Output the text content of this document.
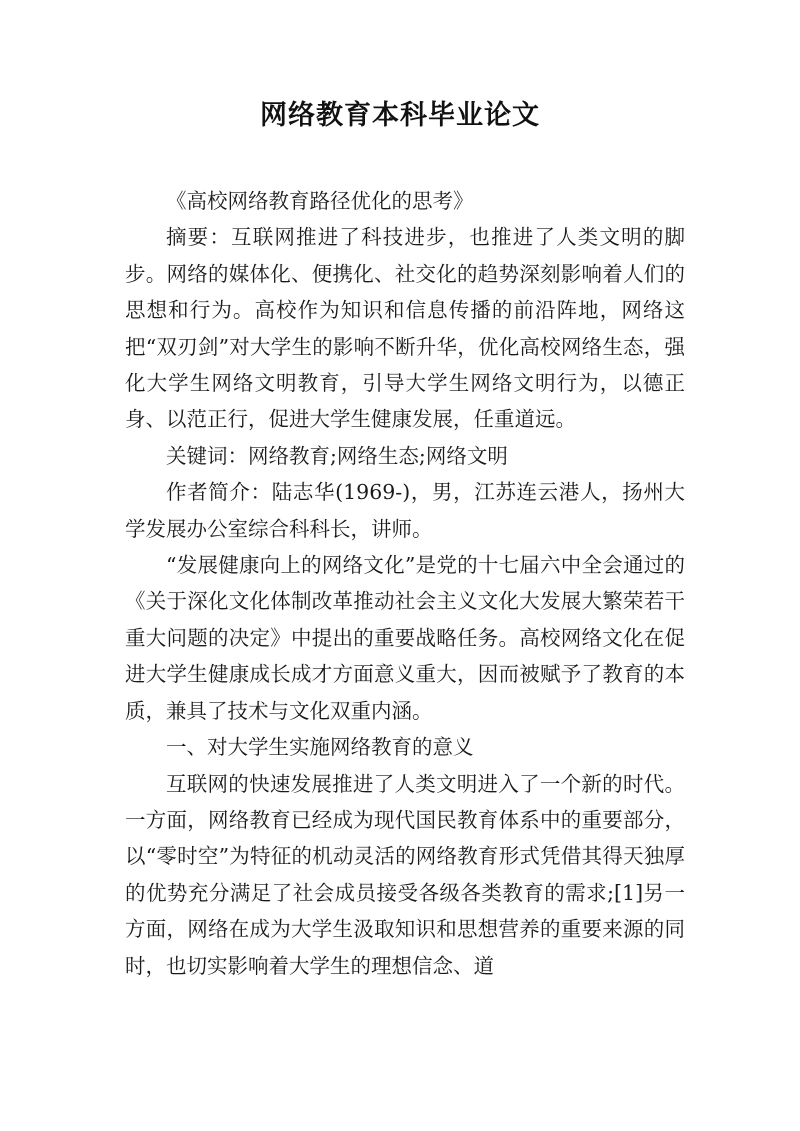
网络教育本科毕业论文

《高校网络教育路径优化的思考》

摘要：互联网推进了科技进步，也推进了人类文明的脚步。网络的媒体化、便携化、社交化的趋势深刻影响着人们的思想和行为。高校作为知识和信息传播的前沿阵地，网络这把“双刃剑”对大学生的影响不断升华，优化高校网络生态，强化大学生网络文明教育，引导大学生网络文明行为，以德正身、以范正行，促进大学生健康发展，任重道远。

关键词：网络教育;网络生态;网络文明

作者简介：陆志华(1969-)，男，江苏连云港人，扬州大学发展办公室综合科科长，讲师。

“发展健康向上的网络文化”是党的十七届六中全会通过的《关于深化文化体制改革推动社会主义文化大发展大繁荣若干重大问题的决定》中提出的重要战略任务。高校网络文化在促进大学生健康成长成才方面意义重大，因而被赋予了教育的本质，兼具了技术与文化双重内涵。

一、对大学生实施网络教育的意义

互联网的快速发展推进了人类文明进入了一个新的时代。一方面，网络教育已经成为现代国民教育体系中的重要部分，以“零时空”为特征的机动灵活的网络教育形式凭借其得天独厚的优势充分满足了社会成员接受各级各类教育的需求;[1]另一方面，网络在成为大学生汲取知识和思想营养的重要来源的同时，也切实影响着大学生的理想信念、道
